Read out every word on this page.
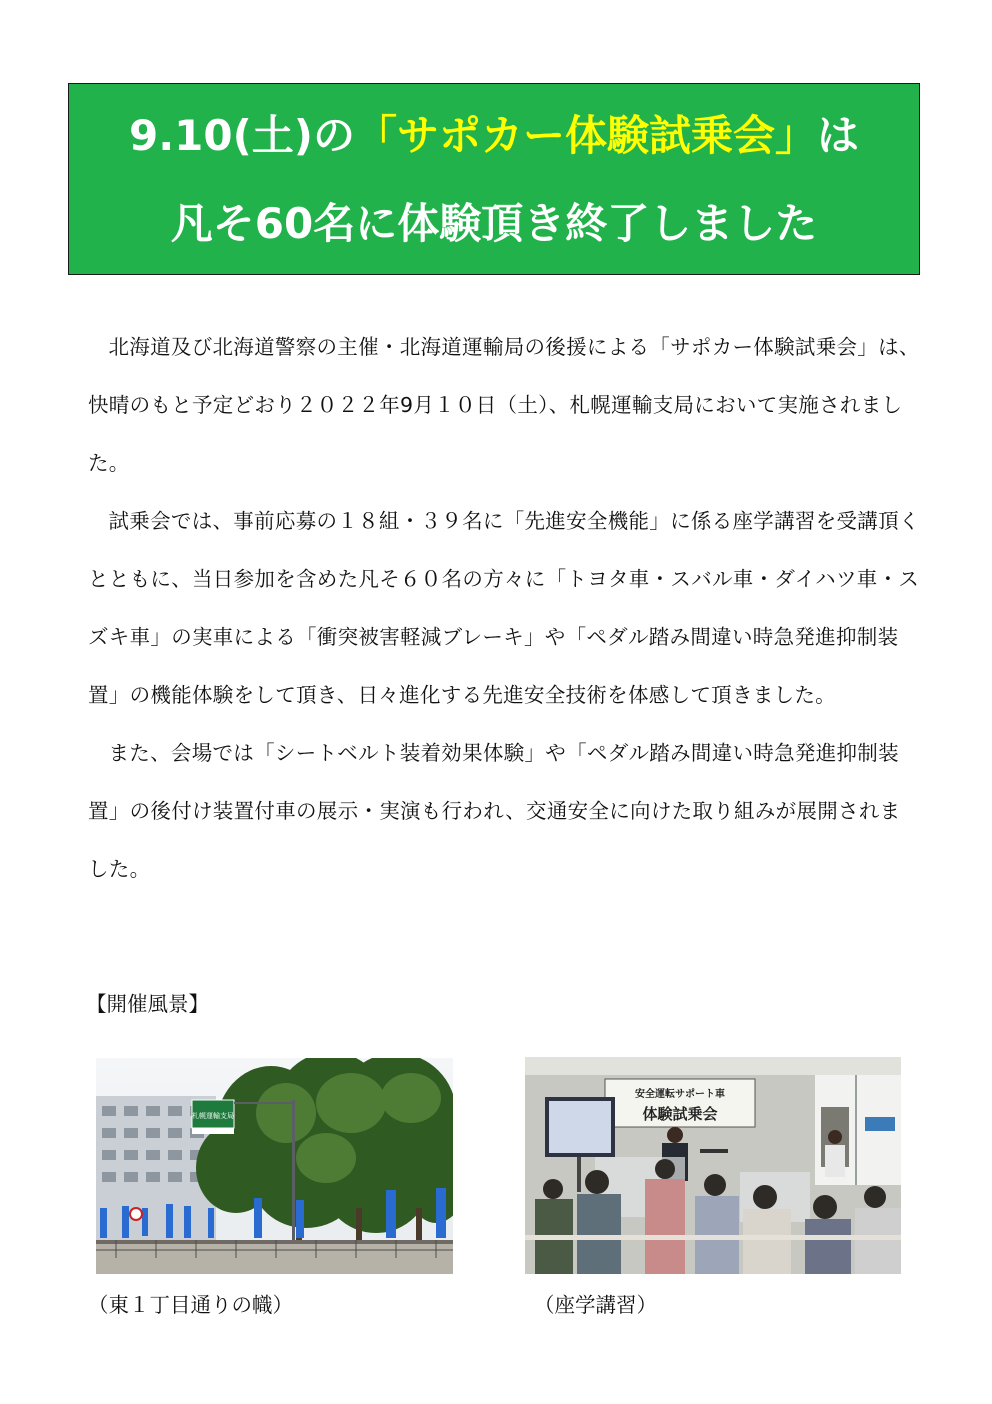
9.10(土)の「サポカー体験試乗会」は
凡そ60名に体験頂き終了しました

北海道及び北海道警察の主催・北海道運輸局の後援による「サポカー体験試乗会」は、快晴のもと予定どおり２０２２年9月１０日（土）、札幌運輸支局において実施されました。

試乗会では、事前応募の１８組・３９名に「先進安全機能」に係る座学講習を受講頂くとともに、当日参加を含めた凡そ６０名の方々に「トヨタ車・スバル車・ダイハツ車・スズキ車」の実車による「衝突被害軽減ブレーキ」や「ペダル踏み間違い時急発進抑制装置」の機能体験をして頂き、日々進化する先進安全技術を体感して頂きました。

また、会場では「シートベルト装着効果体験」や「ペダル踏み間違い時急発進抑制装置」の後付け装置付車の展示・実演も行われ、交通安全に向けた取り組みが展開されました。

【開催風景】
札幌運輸支局
安全運転サポート車
体験試乗会
（東１丁目通りの幟）	（座学講習）
